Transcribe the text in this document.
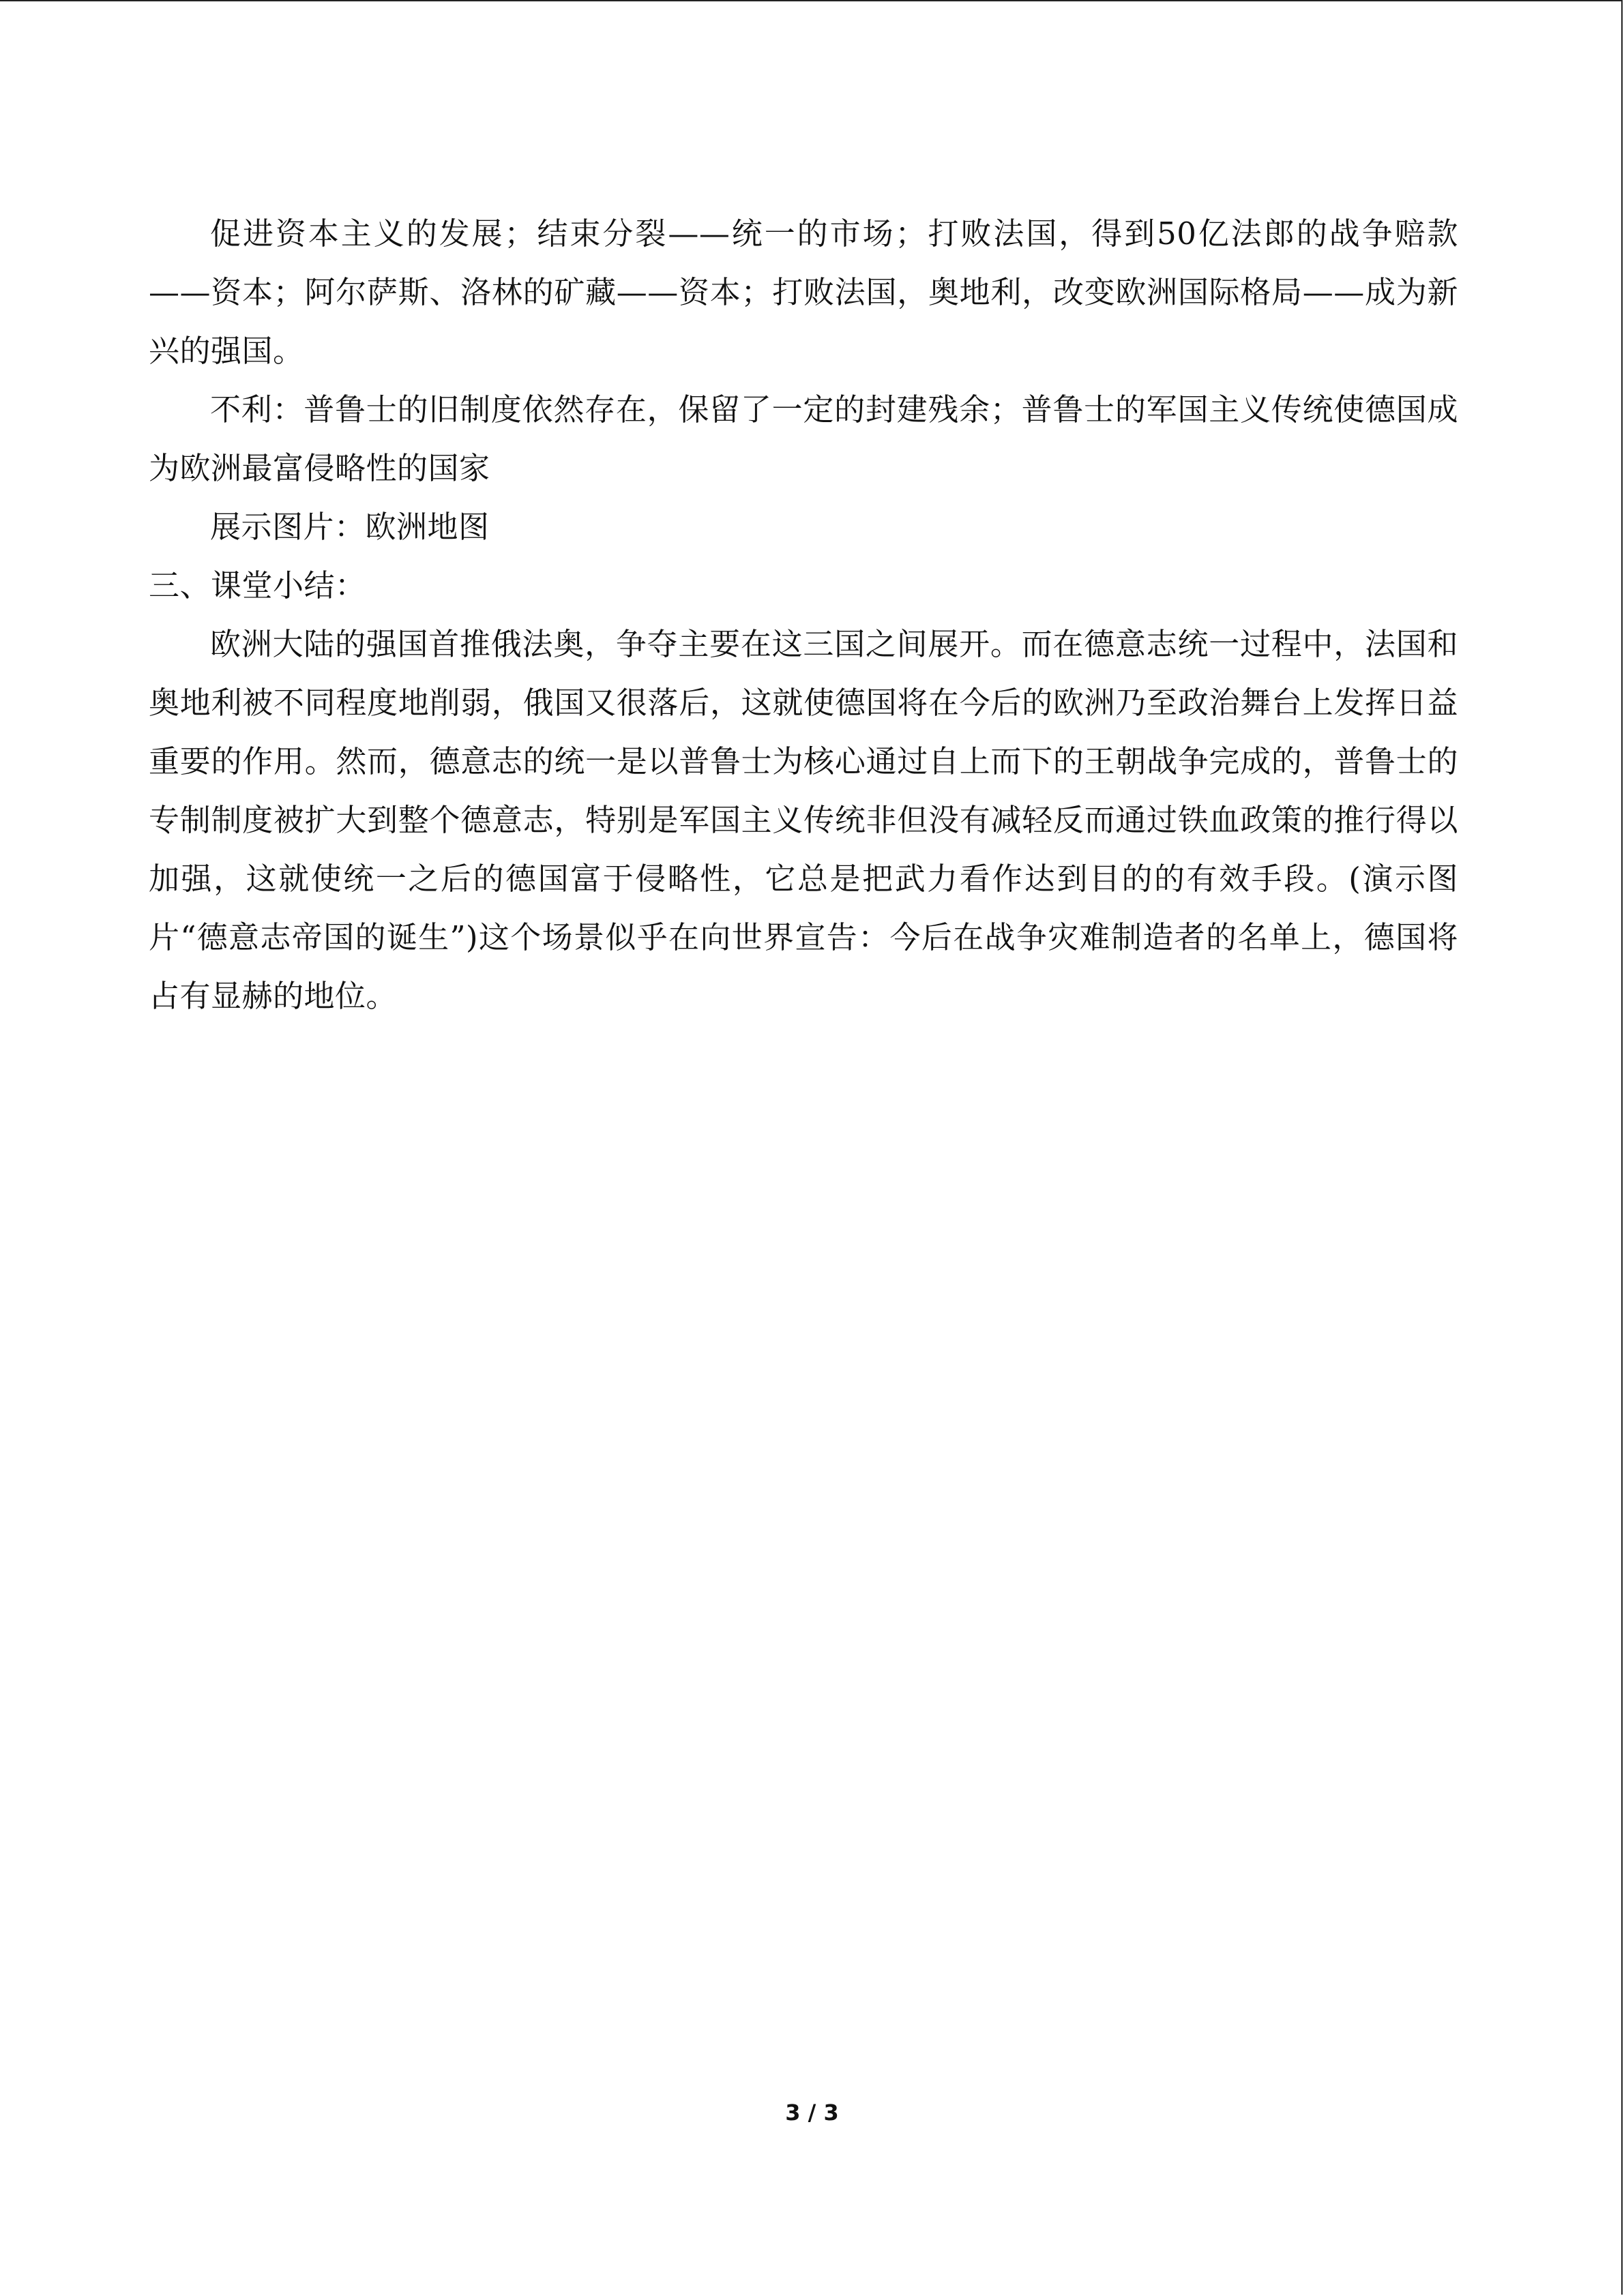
促进资本主义的发展；结束分裂——统一的市场；打败法国，得到50亿法郎的战争赔款——资本；阿尔萨斯、洛林的矿藏——资本；打败法国，奥地利，改变欧洲国际格局——成为新兴的强国。

不利：普鲁士的旧制度依然存在，保留了一定的封建残余；普鲁士的军国主义传统使德国成为欧洲最富侵略性的国家

展示图片：欧洲地图

三、课堂小结：

欧洲大陆的强国首推俄法奥，争夺主要在这三国之间展开。而在德意志统一过程中，法国和奥地利被不同程度地削弱，俄国又很落后，这就使德国将在今后的欧洲乃至政治舞台上发挥日益重要的作用。然而，德意志的统一是以普鲁士为核心通过自上而下的王朝战争完成的，普鲁士的专制制度被扩大到整个德意志，特别是军国主义传统非但没有减轻反而通过铁血政策的推行得以加强，这就使统一之后的德国富于侵略性，它总是把武力看作达到目的的有效手段。(演示图片“德意志帝国的诞生”)这个场景似乎在向世界宣告：今后在战争灾难制造者的名单上，德国将占有显赫的地位。

3 / 3
